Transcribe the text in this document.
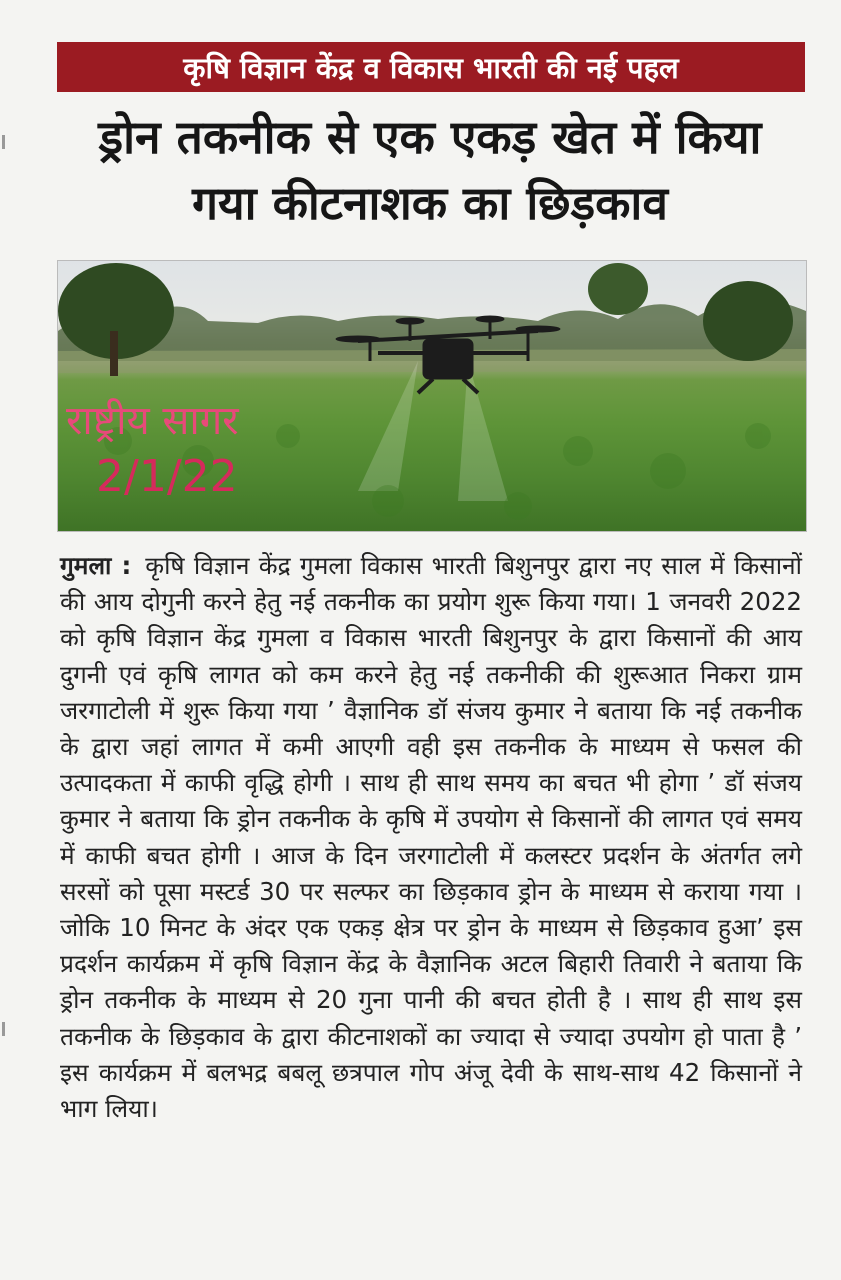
कृषि विज्ञान केंद्र व विकास भारती की नई पहल
ड्रोन तकनीक से एक एकड़ खेत में किया
गया कीटनाशक का छिड़काव
राष्ट्रीय सागर
2/1/22
गुमला : कृषि विज्ञान केंद्र गुमला विकास भारती बिशुनपुर द्वारा नए साल में किसानों की आय दोगुनी करने हेतु नई तकनीक का प्रयोग शुरू किया गया। 1 जनवरी 2022 को कृषि विज्ञान केंद्र गुमला व विकास भारती बिशुनपुर के द्वारा किसानों की आय दुगनी एवं कृषि लागत को कम करने हेतु नई तकनीकी की शुरूआत निकरा ग्राम जरगाटोली में शुरू किया गया ’ वैज्ञानिक डॉ संजय कुमार ने बताया कि नई तकनीक के द्वारा जहां लागत में कमी आएगी वही इस तकनीक के माध्यम से फसल की उत्पादकता में काफी वृद्धि होगी । साथ ही साथ समय का बचत भी होगा ’ डॉ संजय कुमार ने बताया कि ड्रोन तकनीक के कृषि में उपयोग से किसानों की लागत एवं समय में काफी बचत होगी । आज के दिन जरगाटोली में कलस्टर प्रदर्शन के अंतर्गत लगे सरसों को पूसा मस्टर्ड 30 पर सल्फर का छिड़काव ड्रोन के माध्यम से कराया गया । जोकि 10 मिनट के अंदर एक एकड़ क्षेत्र पर ड्रोन के माध्यम से छिड़काव हुआ’ इस प्रदर्शन कार्यक्रम में कृषि विज्ञान केंद्र के वैज्ञानिक अटल बिहारी तिवारी ने बताया कि ड्रोन तकनीक के माध्यम से 20 गुना पानी की बचत होती है । साथ ही साथ इस तकनीक के छिड़काव के द्वारा कीटनाशकों का ज्यादा से ज्यादा उपयोग हो पाता है ’ इस कार्यक्रम में बलभद्र बबलू छत्रपाल गोप अंजू देवी के साथ-साथ 42 किसानों ने भाग लिया।
